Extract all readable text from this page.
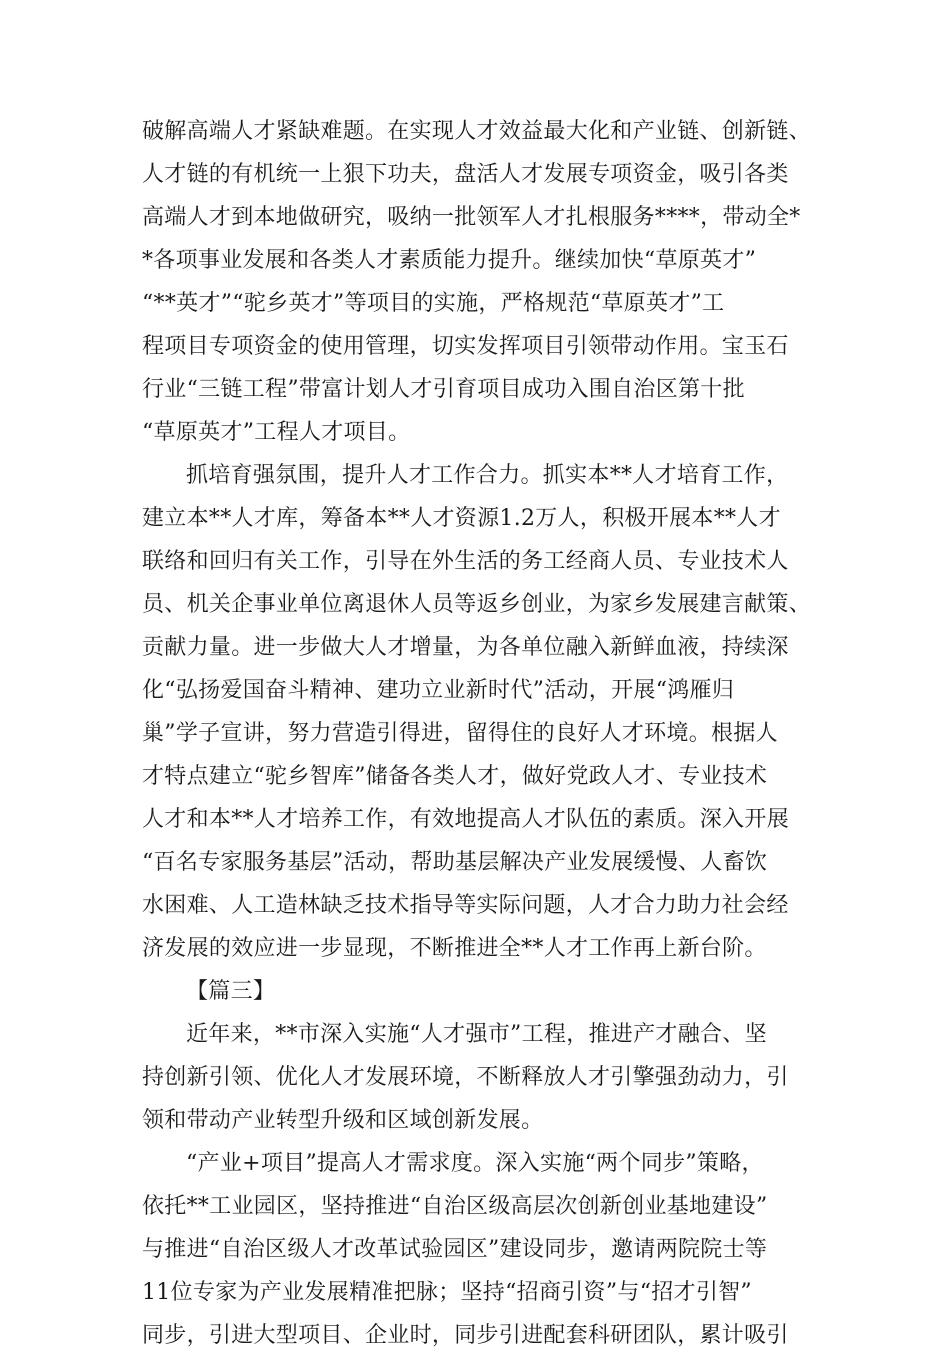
破解高端人才紧缺难题。在实现人才效益最大化和产业链、创新链、
人才链的有机统一上狠下功夫，盘活人才发展专项资金，吸引各类
高端人才到本地做研究，吸纳一批领军人才扎根服务****，带动全*
*各项事业发展和各类人才素质能力提升。继续加快“草原英才”
“**英才”“驼乡英才”等项目的实施，严格规范“草原英才”工
程项目专项资金的使用管理，切实发挥项目引领带动作用。宝玉石
行业“三链工程”带富计划人才引育项目成功入围自治区第十批
“草原英才”工程人才项目。
抓培育强氛围，提升人才工作合力。抓实本**人才培育工作，
建立本**人才库，筹备本**人才资源1.2万人，积极开展本**人才
联络和回归有关工作，引导在外生活的务工经商人员、专业技术人
员、机关企事业单位离退休人员等返乡创业，为家乡发展建言献策、
贡献力量。进一步做大人才增量，为各单位融入新鲜血液，持续深
化“弘扬爱国奋斗精神、建功立业新时代”活动，开展“鸿雁归
巢”学子宣讲，努力营造引得进，留得住的良好人才环境。根据人
才特点建立“驼乡智库”储备各类人才，做好党政人才、专业技术
人才和本**人才培养工作，有效地提高人才队伍的素质。深入开展
“百名专家服务基层”活动，帮助基层解决产业发展缓慢、人畜饮
水困难、人工造林缺乏技术指导等实际问题，人才合力助力社会经
济发展的效应进一步显现，不断推进全**人才工作再上新台阶。
【篇三】
近年来，**市深入实施“人才强市”工程，推进产才融合、坚
持创新引领、优化人才发展环境，不断释放人才引擎强劲动力，引
领和带动产业转型升级和区域创新发展。
“产业+项目”提高人才需求度。深入实施“两个同步”策略，
依托**工业园区，坚持推进“自治区级高层次创新创业基地建设”
与推进“自治区级人才改革试验园区”建设同步，邀请两院院士等
11位专家为产业发展精准把脉；坚持“招商引资”与“招才引智”
同步，引进大型项目、企业时，同步引进配套科研团队，累计吸引
